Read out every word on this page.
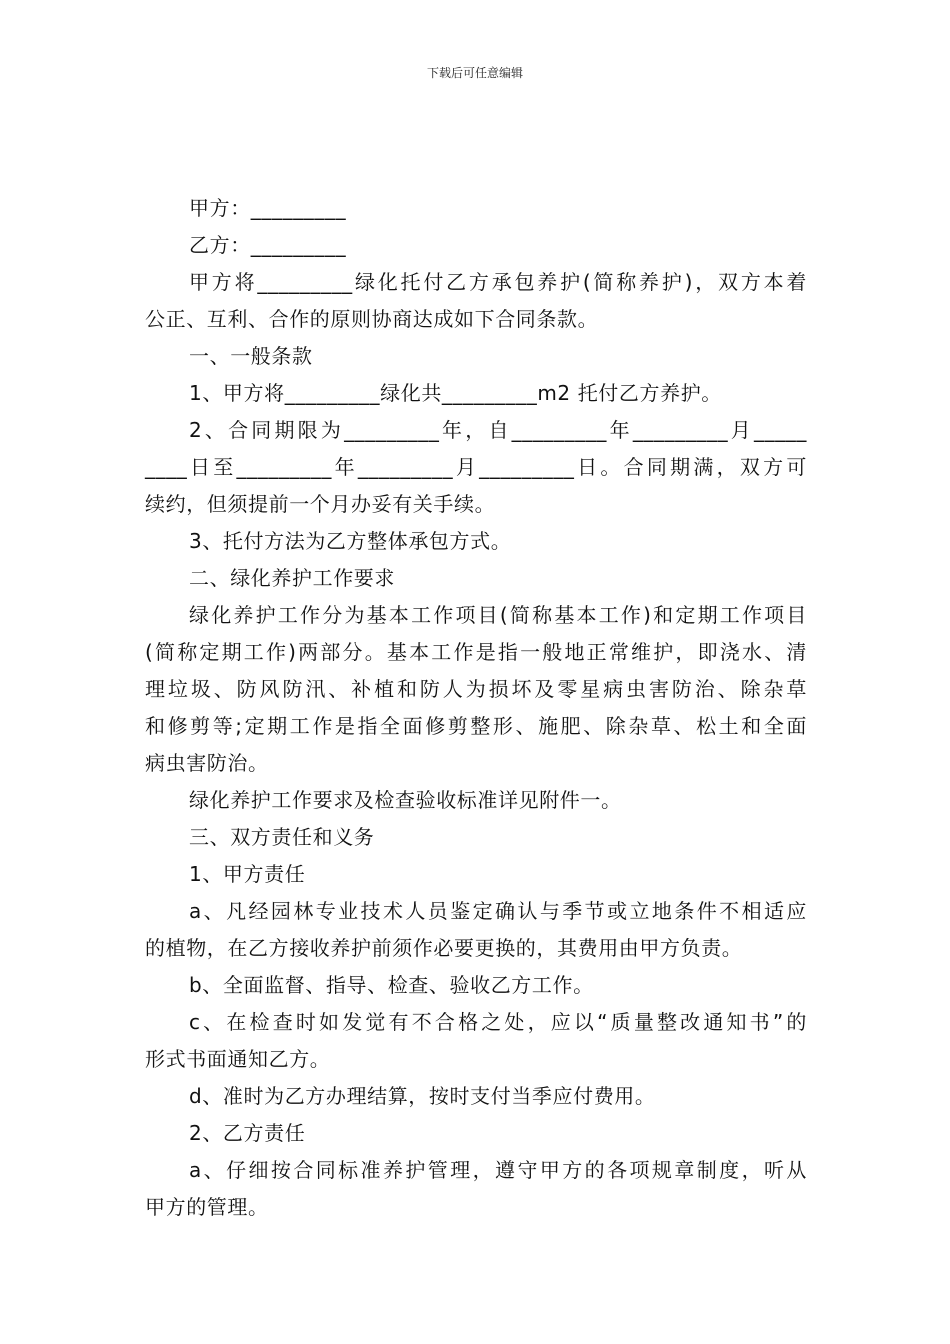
下载后可任意编辑
甲方：_________
乙方：_________
甲方将_________绿化托付乙方承包养护(简称养护)，双方本着
公正、互利、合作的原则协商达成如下合同条款。
一、一般条款
1、甲方将_________绿化共_________m2 托付乙方养护。
2、合同期限为_________年，自_________年_________月_____
____日至_________年_________月_________日。合同期满，双方可
续约，但须提前一个月办妥有关手续。
3、托付方法为乙方整体承包方式。
二、绿化养护工作要求
绿化养护工作分为基本工作项目(简称基本工作)和定期工作项目
(简称定期工作)两部分。基本工作是指一般地正常维护，即浇水、清
理垃圾、防风防汛、补植和防人为损坏及零星病虫害防治、除杂草
和修剪等;定期工作是指全面修剪整形、施肥、除杂草、松土和全面
病虫害防治。
绿化养护工作要求及检查验收标准详见附件一。
三、双方责任和义务
1、甲方责任
a、凡经园林专业技术人员鉴定确认与季节或立地条件不相适应
的植物，在乙方接收养护前须作必要更换的，其费用由甲方负责。
b、全面监督、指导、检查、验收乙方工作。
c、在检查时如发觉有不合格之处，应以“质量整改通知书”的
形式书面通知乙方。
d、准时为乙方办理结算，按时支付当季应付费用。
2、乙方责任
a、仔细按合同标准养护管理，遵守甲方的各项规章制度，听从
甲方的管理。
